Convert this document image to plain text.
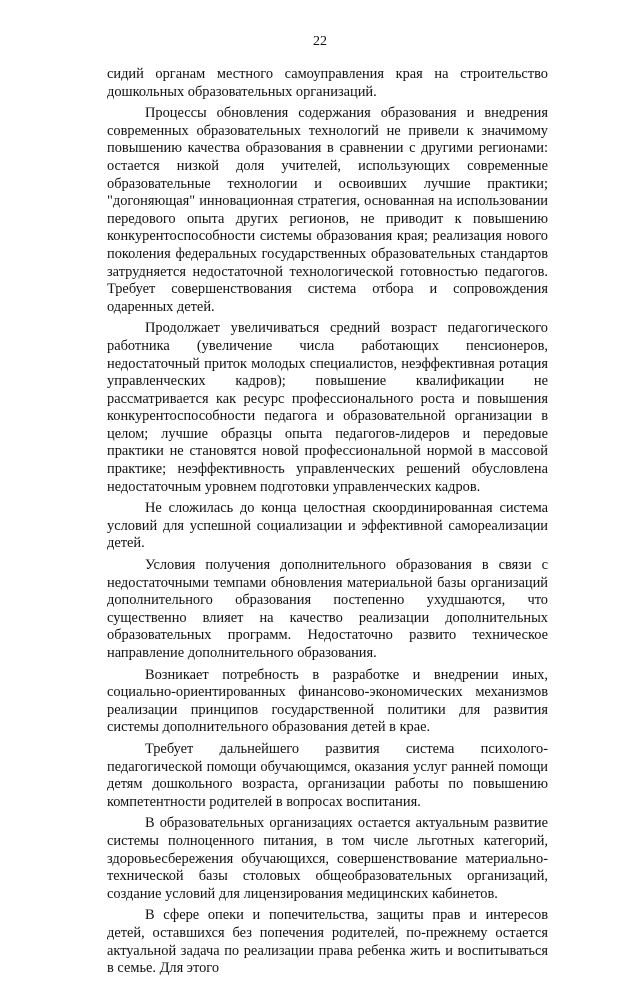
22

сидий органам местного самоуправления края на строительство дошкольных образовательных организаций.

Процессы обновления содержания образования и внедрения современных образовательных технологий не привели к значимому повышению качества образования в сравнении с другими регионами: остается низкой доля учителей, использующих современные образовательные технологии и освоивших лучшие практики; "догоняющая" инновационная стратегия, основанная на использовании передового опыта других регионов, не приводит к повышению конкурентоспособности системы образования края; реализация нового поколения федеральных государственных образовательных стандартов затрудняется недостаточной технологической готовностью педагогов. Требует совершенствования система отбора и сопровождения одаренных детей.

Продолжает увеличиваться средний возраст педагогического работника (увеличение числа работающих пенсионеров, недостаточный приток молодых специалистов, неэффективная ротация управленческих кадров); повышение квалификации не рассматривается как ресурс профессионального роста и повышения конкурентоспособности педагога и образовательной организации в целом; лучшие образцы опыта педагогов-лидеров и передовые практики не становятся новой профессиональной нормой в массовой практике; неэффективность управленческих решений обусловлена недостаточным уровнем подготовки управленческих кадров.

Не сложилась до конца целостная скоординированная система условий для успешной социализации и эффективной самореализации детей.

Условия получения дополнительного образования в связи с недостаточными темпами обновления материальной базы организаций дополнительного образования постепенно ухудшаются, что существенно влияет на качество реализации дополнительных образовательных программ. Недостаточно развито техническое направление дополнительного образования.

Возникает потребность в разработке и внедрении иных, социально-ориентированных финансово-экономических механизмов реализации принципов государственной политики для развития системы дополнительного образования детей в крае.

Требует дальнейшего развития система психолого-педагогической помощи обучающимся, оказания услуг ранней помощи детям дошкольного возраста, организации работы по повышению компетентности родителей в вопросах воспитания.

В образовательных организациях остается актуальным развитие системы полноценного питания, в том числе льготных категорий, здоровьесбережения обучающихся, совершенствование материально-технической базы столовых общеобразовательных организаций, создание условий для лицензирования медицинских кабинетов.

В сфере опеки и попечительства, защиты прав и интересов детей, оставшихся без попечения родителей, по-прежнему остается актуальной задача по реализации права ребенка жить и воспитываться в семье. Для этого
